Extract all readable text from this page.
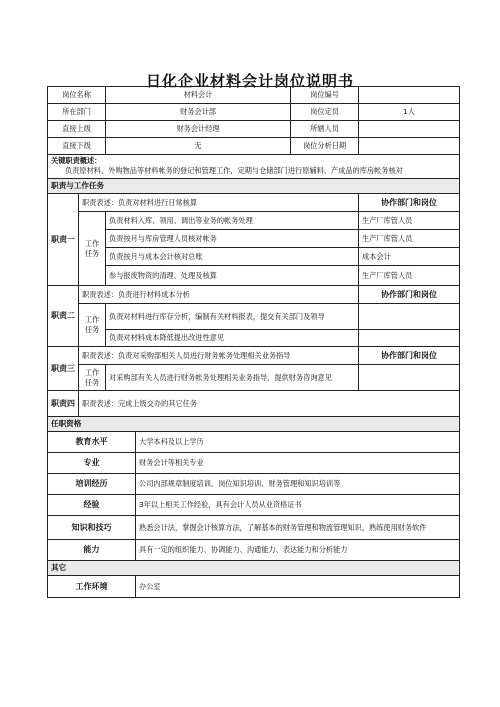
日化企业材料会计岗位说明书
岗位名称		材料会计		岗位编号	
所在部门		财务会计部		岗位定员	1人
直接上级		财务会计经理		所辖人员	
直接下级		无		岗位分析日期	

关键职责概述：
负责原材料、外购物品等材料帐务的登记和管理工作，定期与仓储部门进行原辅料、产成品的库房帐务核对					

职责与工作任务					
职责一	职责表述：负责对材料进行日常核算				协作部门和岗位
	工作任务	负责材料入库、领用、调出等业务的帐务处理			生产厂库管人员
		负责按月与库房管理人员核对帐务			生产厂库管人员
		负责按月与成本会计核对总账			成本会计
		参与报废物资的清理、处理及核算			生产厂库管人员
职责二	职责表述：负责进行材料成本分析				协作部门和岗位
	工作任务	负责对材料进行库存分析，编制有关材料报表，提交有关部门及领导			
		负责对材料成本降低提出改进性意见			
职责三	职责表述：负责对采购部相关人员进行财务帐务处理相关业务指导				协作部门和岗位
	工作任务	对采购部有关人员进行财务帐务处理相关业务指导，提供财务咨询意见			
职责四	职责表述：完成上级交办的其它任务				
任职资格					
教育水平			大学本科及以上学历		
专业			财务会计等相关专业		
培训经历			公司内部规章制度培训、岗位知识培训、财务管理和知识培训等		
经验			3年以上相关工作经验，具有会计人员从业资格证书		
知识和技巧			熟悉会计法，掌握会计核算方法，了解基本的财务管理和物流管理知识，熟练使用财务软件		
能力			具有一定的组织能力、协调能力、沟通能力、表达能力和分析能力		
其它					
工作环境			办公室		
